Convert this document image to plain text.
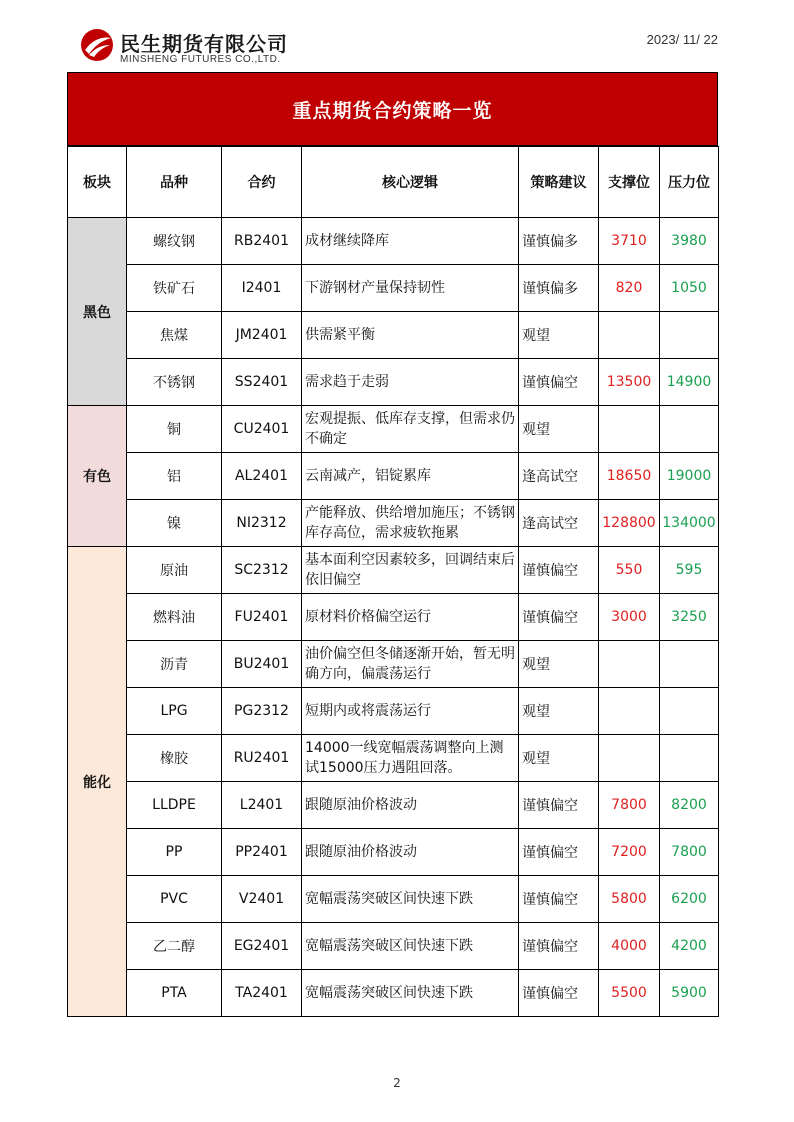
民生期货有限公司
MINSHENG FUTURES CO.,LTD.
2023/ 11/ 22
重点期货合约策略一览
板块	品种	合约	核心逻辑	策略建议	支撑位	压力位
黑色	螺纹钢	RB2401	成材继续降库	谨慎偏多	3710	3980
	铁矿石	I2401	下游钢材产量保持韧性	谨慎偏多	820	1050
	焦煤	JM2401	供需紧平衡	观望		
	不锈钢	SS2401	需求趋于走弱	谨慎偏空	13500	14900
有色	铜	CU2401	宏观提振、低库存支撑，但需求仍不确定	观望		
	铝	AL2401	云南减产，铝锭累库	逢高试空	18650	19000
	镍	NI2312	产能释放、供给增加施压；不锈钢库存高位，需求疲软拖累	逢高试空	128800	134000
能化	原油	SC2312	基本面利空因素较多，回调结束后依旧偏空	谨慎偏空	550	595
	燃料油	FU2401	原材料价格偏空运行	谨慎偏空	3000	3250
	沥青	BU2401	油价偏空但冬储逐渐开始，暂无明确方向，偏震荡运行	观望		
	LPG	PG2312	短期内或将震荡运行	观望		
	橡胶	RU2401	14000一线宽幅震荡调整向上测试15000压力遇阻回落。	观望		
	LLDPE	L2401	跟随原油价格波动	谨慎偏空	7800	8200
	PP	PP2401	跟随原油价格波动	谨慎偏空	7200	7800
	PVC	V2401	宽幅震荡突破区间快速下跌	谨慎偏空	5800	6200
	乙二醇	EG2401	宽幅震荡突破区间快速下跌	谨慎偏空	4000	4200
	PTA	TA2401	宽幅震荡突破区间快速下跌	谨慎偏空	5500	5900
2
